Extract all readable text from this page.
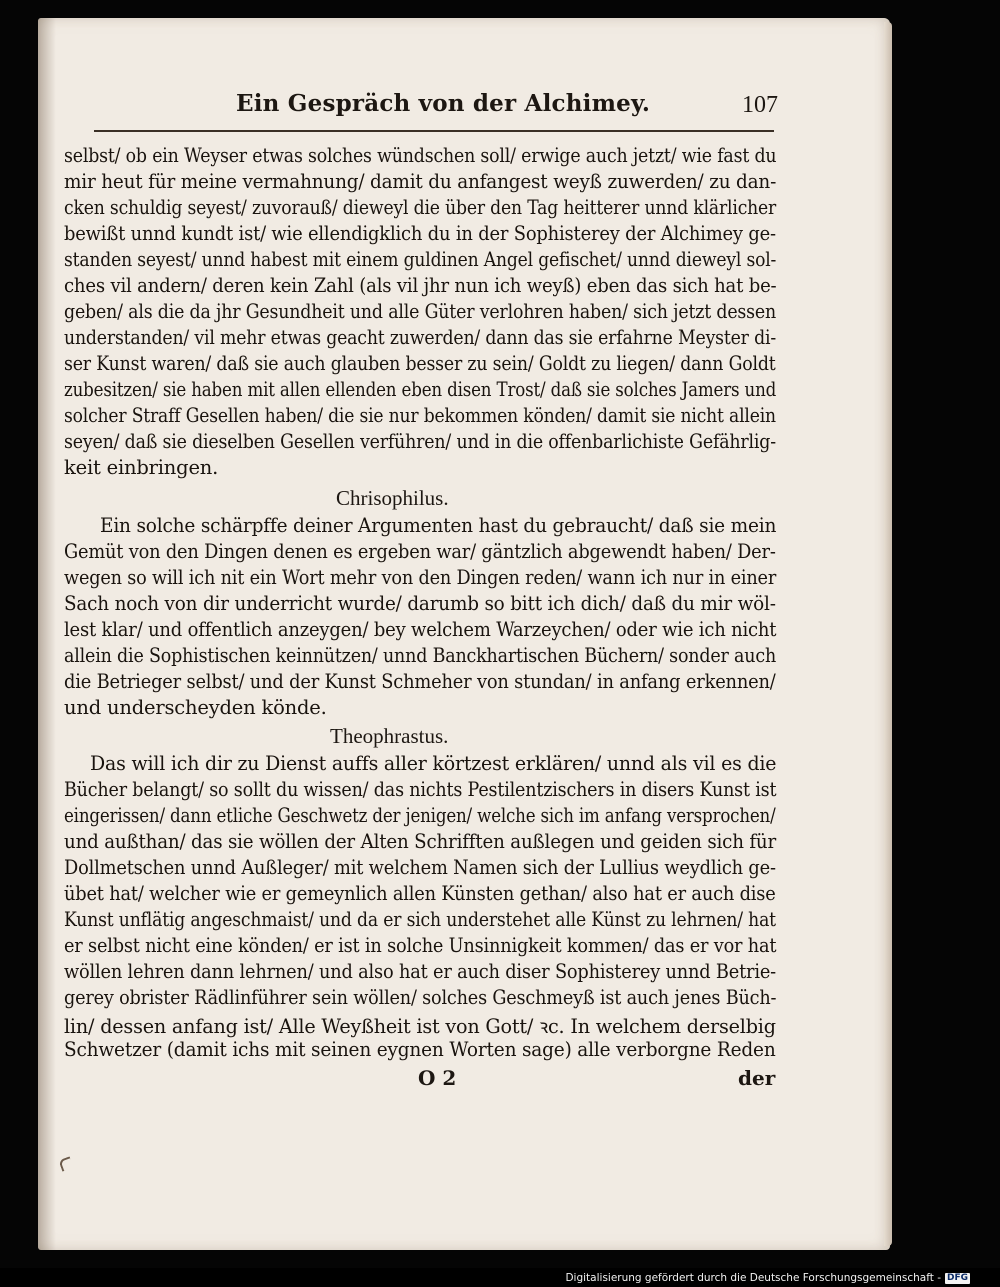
Ein Gespräch von der Alchimey.	107
selbst/ ob ein Weyser etwas solches wündschen soll/ erwige auch jetzt/ wie fast du
mir heut für meine vermahnung/ damit du anfangest weyß zuwerden/ zu dan-
cken schuldig seyest/ zuvorauß/ dieweyl die über den Tag heitterer unnd klärlicher
bewißt unnd kundt ist/ wie ellendigklich du in der Sophisterey der Alchimey ge-
standen seyest/ unnd habest mit einem guldinen Angel gefischet/ unnd dieweyl sol-
ches vil andern/ deren kein Zahl (als vil jhr nun ich weyß) eben das sich hat be-
geben/ als die da jhr Gesundheit und alle Güter verlohren haben/ sich jetzt dessen
understanden/ vil mehr etwas geacht zuwerden/ dann das sie erfahrne Meyster di-
ser Kunst waren/ daß sie auch glauben besser zu sein/ Goldt zu liegen/ dann Goldt
zubesitzen/ sie haben mit allen ellenden eben disen Trost/ daß sie solches Jamers und
solcher Straff Gesellen haben/ die sie nur bekommen könden/ damit sie nicht allein
seyen/ daß sie dieselben Gesellen verführen/ und in die offenbarlichiste Gefährlig-
keit einbringen.
Chrisophilus.
Ein solche schärpffe deiner Argumenten hast du gebraucht/ daß sie mein
Gemüt von den Dingen denen es ergeben war/ gäntzlich abgewendt haben/ Der-
wegen so will ich nit ein Wort mehr von den Dingen reden/ wann ich nur in einer
Sach noch von dir underricht wurde/ darumb so bitt ich dich/ daß du mir wöl-
lest klar/ und offentlich anzeygen/ bey welchem Warzeychen/ oder wie ich nicht
allein die Sophistischen keinnützen/ unnd Banckhartischen Büchern/ sonder auch
die Betrieger selbst/ und der Kunst Schmeher von stundan/ in anfang erkennen/
und underscheyden könde.
Theophrastus.
Das will ich dir zu Dienst auffs aller körtzest erklären/ unnd als vil es die
Bücher belangt/ so sollt du wissen/ das nichts Pestilentzischers in disers Kunst ist
eingerissen/ dann etliche Geschwetz der jenigen/ welche sich im anfang versprochen/
und außthan/ das sie wöllen der Alten Schrifften außlegen und geiden sich für
Dollmetschen unnd Außleger/ mit welchem Namen sich der Lullius weydlich ge-
übet hat/ welcher wie er gemeynlich allen Künsten gethan/ also hat er auch dise
Kunst unflätig angeschmaist/ und da er sich understehet alle Künst zu lehrnen/ hat
er selbst nicht eine könden/ er ist in solche Unsinnigkeit kommen/ das er vor hat
wöllen lehren dann lehrnen/ und also hat er auch diser Sophisterey unnd Betrie-
gerey obrister Rädlinführer sein wöllen/ solches Geschmeyß ist auch jenes Büch-
lin/ dessen anfang ist/ Alle Weyßheit ist von Gott/ ꝛc. In welchem derselbig
Schwetzer (damit ichs mit seinen eygnen Worten sage) alle verborgne Reden
O 2	der
Digitalisierung gefördert durch die Deutsche Forschungsgemeinschaft - DFG
